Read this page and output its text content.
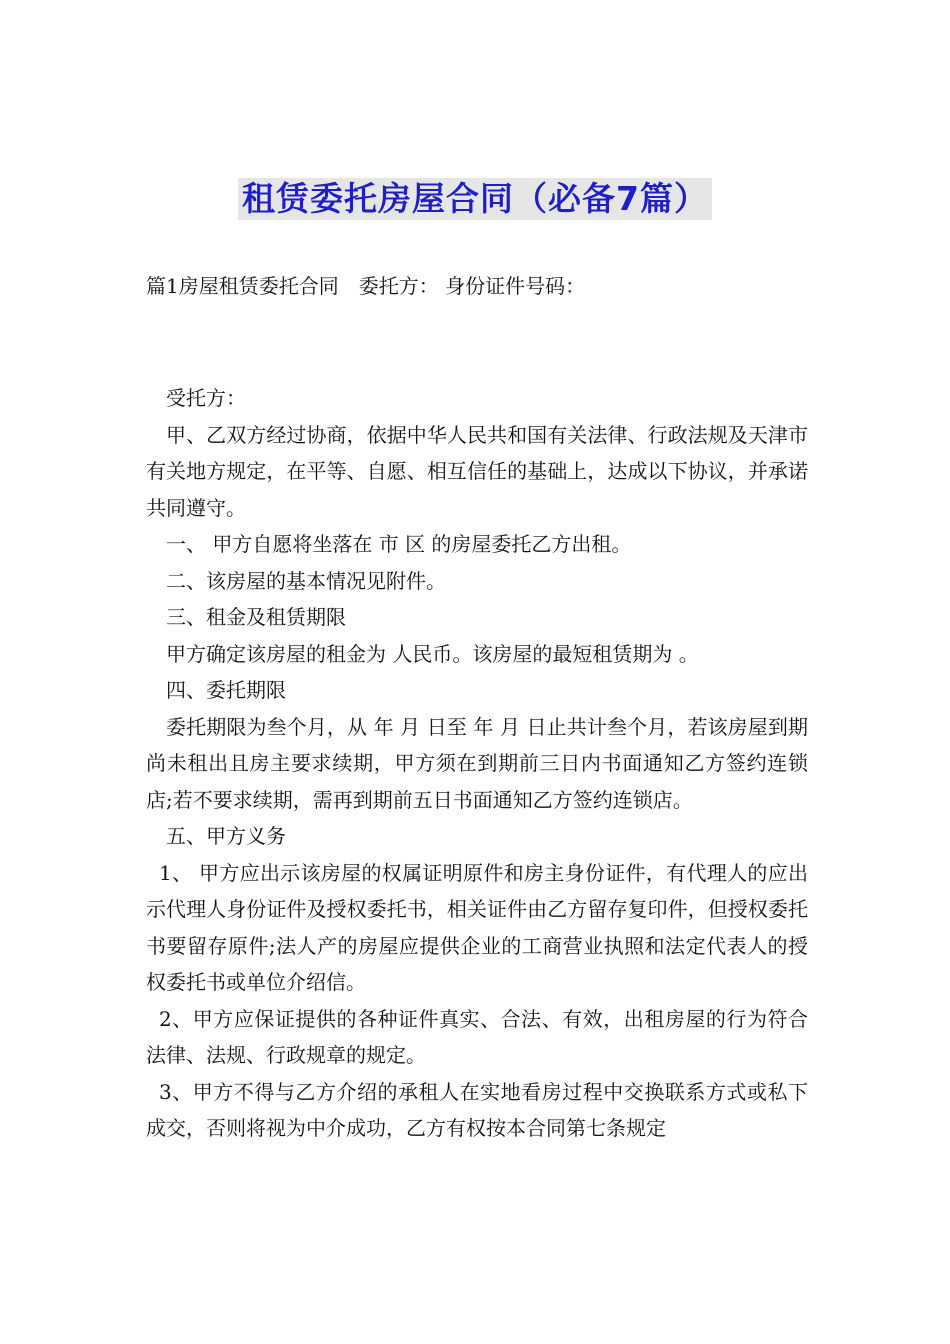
租赁委托房屋合同（必备7篇）
篇1房屋租赁委托合同　委托方： 身份证件号码：

受托方：

甲、乙双方经过协商，依据中华人民共和国有关法律、行政法规及天津市有关地方规定，在平等、自愿、相互信任的基础上，达成以下协议，并承诺共同遵守。

一、 甲方自愿将坐落在 市 区 的房屋委托乙方出租。

二、该房屋的基本情况见附件。

三、租金及租赁期限

甲方确定该房屋的租金为 人民币。该房屋的最短租赁期为 。

四、委托期限

委托期限为叁个月，从 年 月 日至 年 月 日止共计叁个月，若该房屋到期尚未租出且房主要求续期，甲方须在到期前三日内书面通知乙方签约连锁店;若不要求续期，需再到期前五日书面通知乙方签约连锁店。

五、甲方义务

1、 甲方应出示该房屋的权属证明原件和房主身份证件，有代理人的应出示代理人身份证件及授权委托书，相关证件由乙方留存复印件，但授权委托书要留存原件;法人产的房屋应提供企业的工商营业执照和法定代表人的授权委托书或单位介绍信。

2、甲方应保证提供的各种证件真实、合法、有效，出租房屋的行为符合法律、法规、行政规章的规定。

3、甲方不得与乙方介绍的承租人在实地看房过程中交换联系方式或私下成交，否则将视为中介成功，乙方有权按本合同第七条规定
